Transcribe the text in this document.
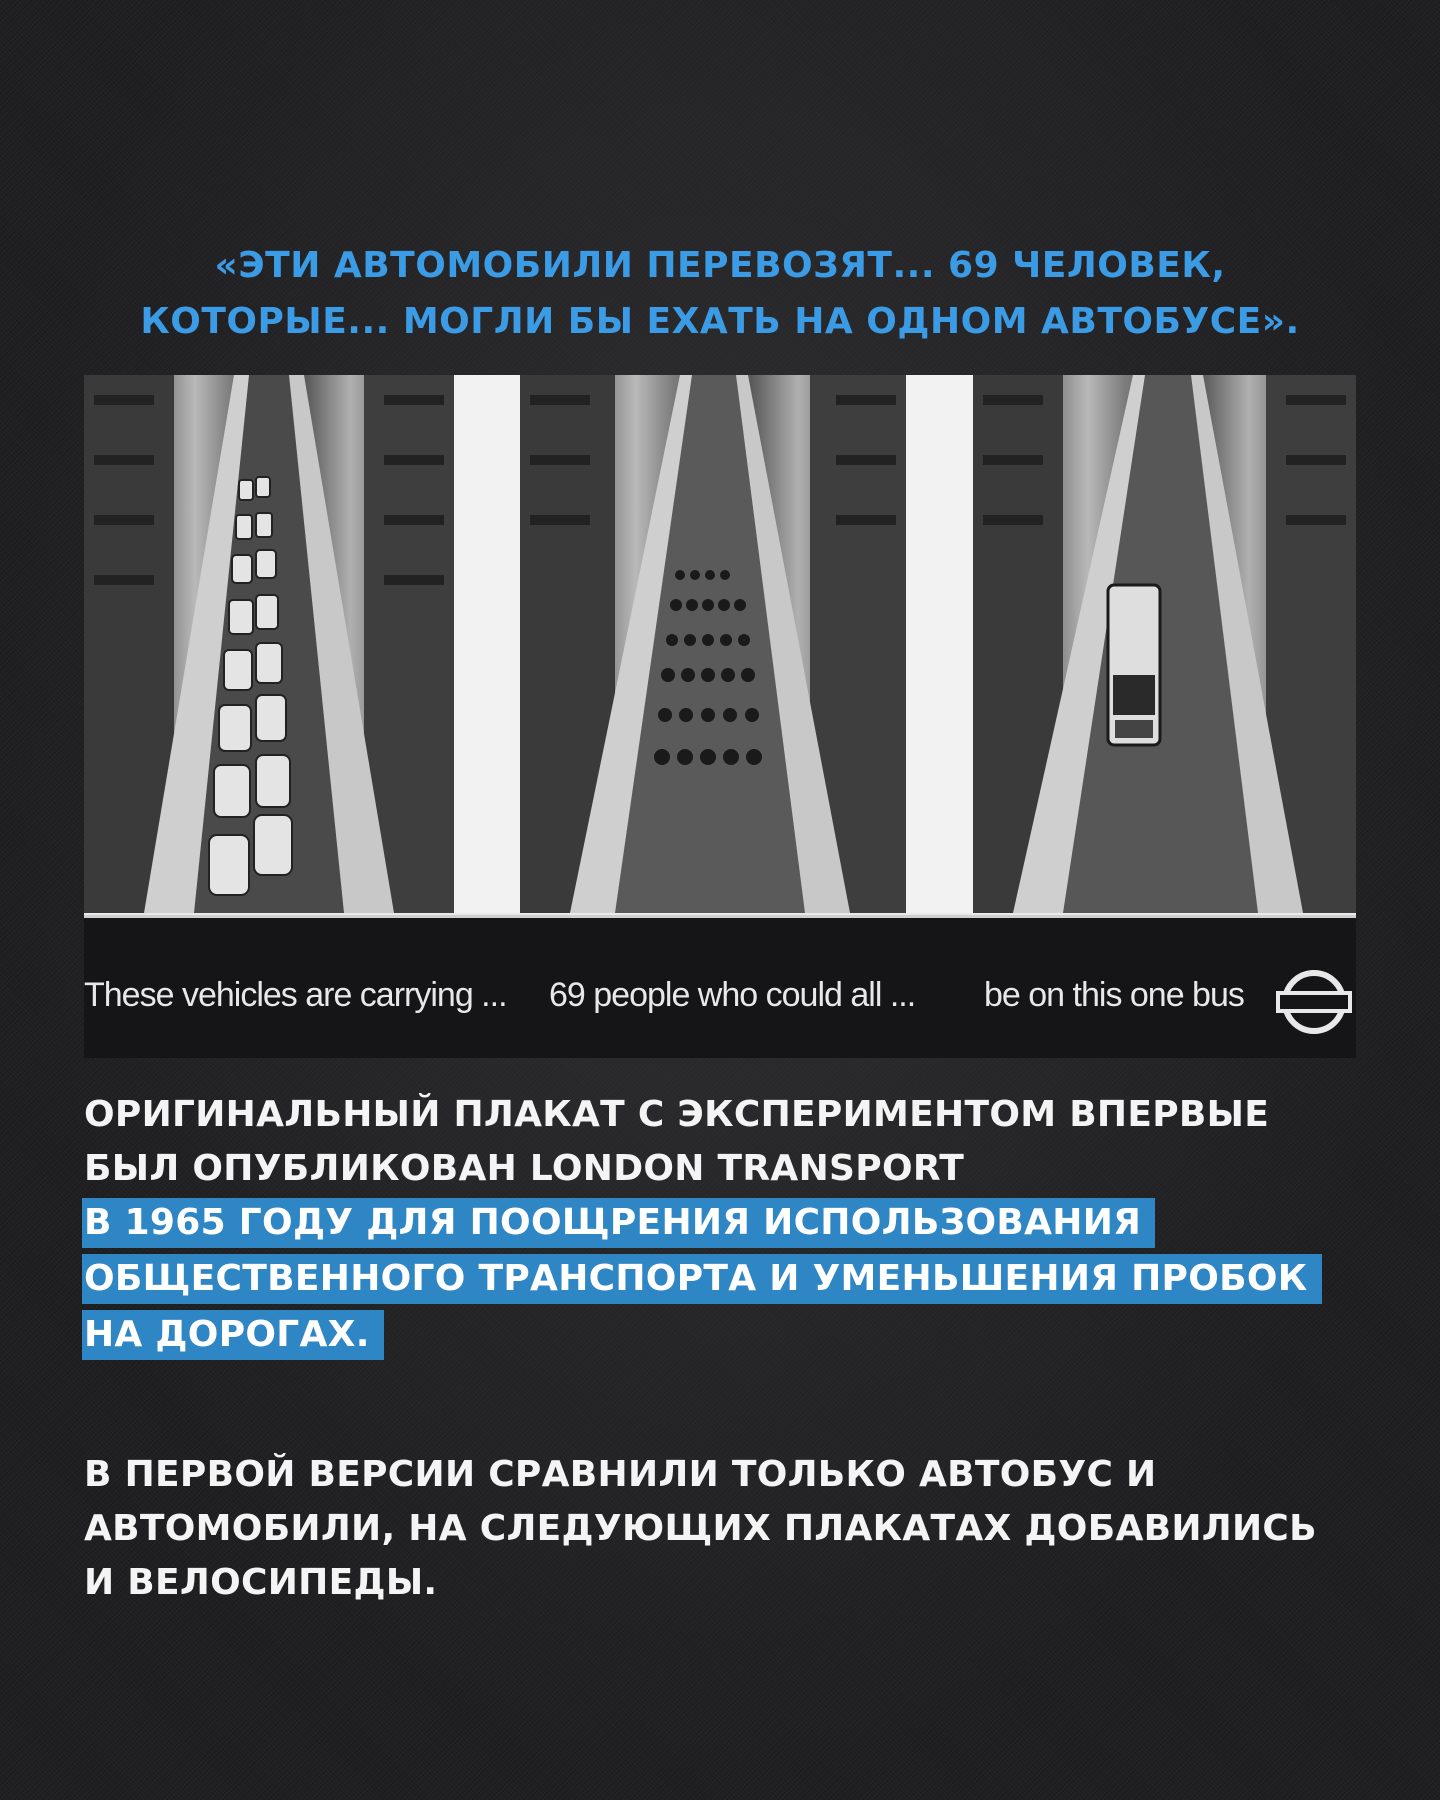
«ЭТИ АВТОМОБИЛИ ПЕРЕВОЗЯТ... 69 ЧЕЛОВЕК,
КОТОРЫЕ... МОГЛИ БЫ ЕХАТЬ НА ОДНОМ АВТОБУСЕ».
These vehicles are carrying ... 69 people who could all ... be on this one bus
ОРИГИНАЛЬНЫЙ ПЛАКАТ С ЭКСПЕРИМЕНТОМ ВПЕРВЫЕ
БЫЛ ОПУБЛИКОВАН LONDON TRANSPORT
В 1965 ГОДУ ДЛЯ ПООЩРЕНИЯ ИСПОЛЬЗОВАНИЯ
ОБЩЕСТВЕННОГО ТРАНСПОРТА И УМЕНЬШЕНИЯ ПРОБОК
НА ДОРОГАХ.
В ПЕРВОЙ ВЕРСИИ СРАВНИЛИ ТОЛЬКО АВТОБУС И
АВТОМОБИЛИ, НА СЛЕДУЮЩИХ ПЛАКАТАХ ДОБАВИЛИСЬ
И ВЕЛОСИПЕДЫ.
